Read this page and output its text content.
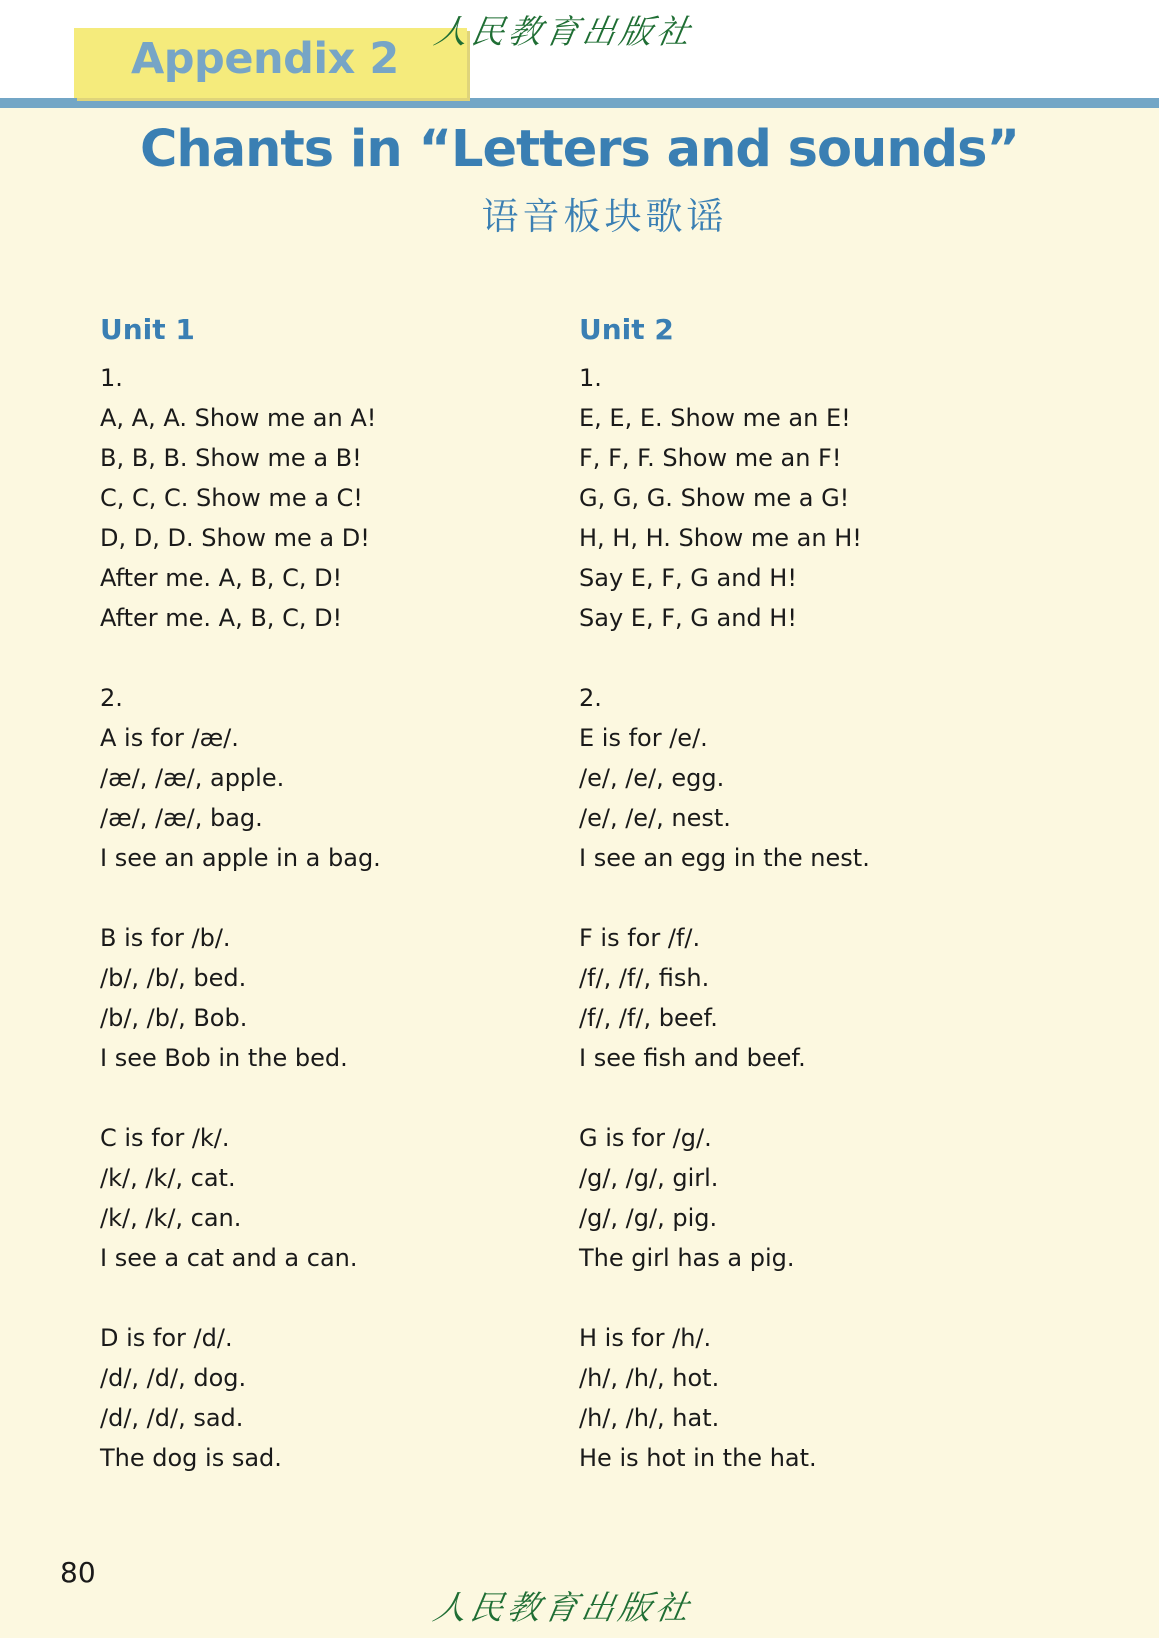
Appendix 2
人民教育出版社
Chants in “Letters and sounds”
语音板块歌谣
Unit 1
1.
A, A, A. Show me an A!
B, B, B. Show me a B!
C, C, C. Show me a C!
D, D, D. Show me a D!
After me. A, B, C, D!
After me. A, B, C, D!
2.
A is for /æ/.
/æ/, /æ/, apple.
/æ/, /æ/, bag.
I see an apple in a bag.
B is for /b/.
/b/, /b/, bed.
/b/, /b/, Bob.
I see Bob in the bed.
C is for /k/.
/k/, /k/, cat.
/k/, /k/, can.
I see a cat and a can.
D is for /d/.
/d/, /d/, dog.
/d/, /d/, sad.
The dog is sad.
Unit 2
1.
E, E, E. Show me an E!
F, F, F. Show me an F!
G, G, G. Show me a G!
H, H, H. Show me an H!
Say E, F, G and H!
Say E, F, G and H!
2.
E is for /e/.
/e/, /e/, egg.
/e/, /e/, nest.
I see an egg in the nest.
F is for /f/.
/f/, /f/, fish.
/f/, /f/, beef.
I see fish and beef.
G is for /g/.
/g/, /g/, girl.
/g/, /g/, pig.
The girl has a pig.
H is for /h/.
/h/, /h/, hot.
/h/, /h/, hat.
He is hot in the hat.
80
人民教育出版社
